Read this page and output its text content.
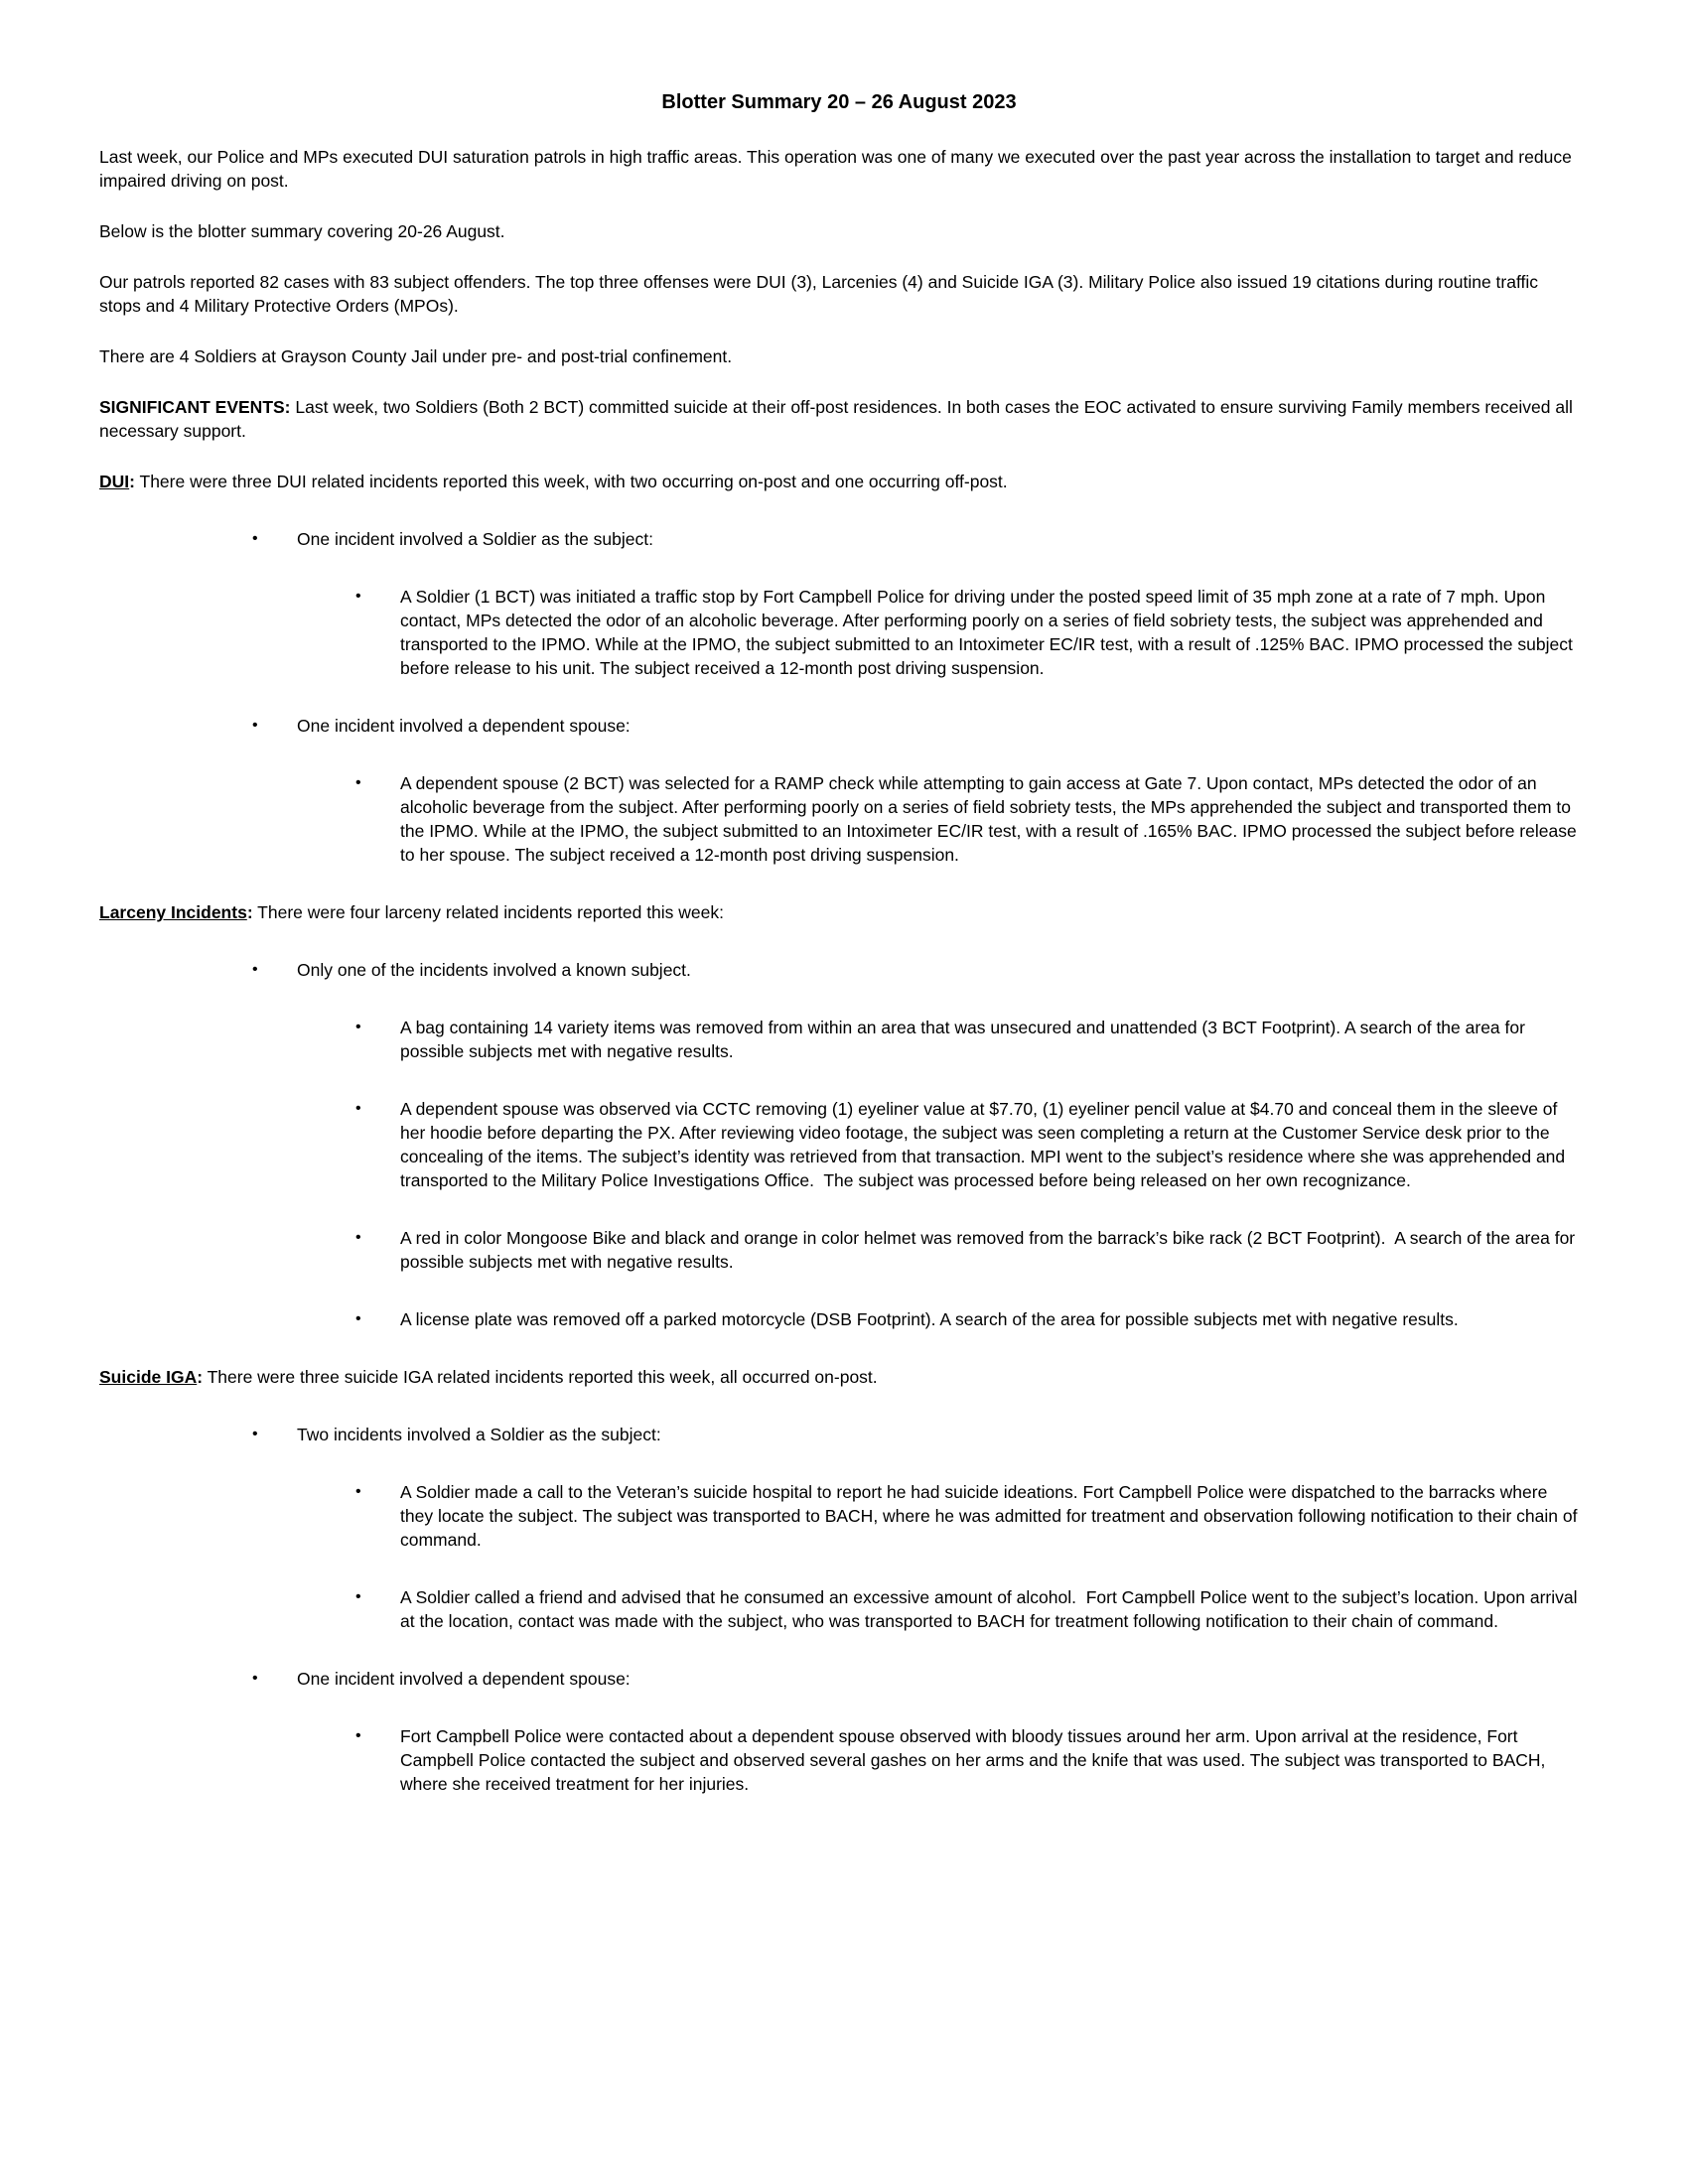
Blotter Summary 20 – 26 August 2023

Last week, our Police and MPs executed DUI saturation patrols in high traffic areas. This operation was one of many we executed over the past year across the installation to target and reduce impaired driving on post.

Below is the blotter summary covering 20-26 August.

Our patrols reported 82 cases with 83 subject offenders. The top three offenses were DUI (3), Larcenies (4) and Suicide IGA (3). Military Police also issued 19 citations during routine traffic stops and 4 Military Protective Orders (MPOs).

There are 4 Soldiers at Grayson County Jail under pre- and post-trial confinement.

SIGNIFICANT EVENTS: Last week, two Soldiers (Both 2 BCT) committed suicide at their off-post residences. In both cases the EOC activated to ensure surviving Family members received all necessary support.

DUI: There were three DUI related incidents reported this week, with two occurring on-post and one occurring off-post.

•	One incident involved a Soldier as the subject:
•	A Soldier (1 BCT) was initiated a traffic stop by Fort Campbell Police for driving under the posted speed limit of 35 mph zone at a rate of 7 mph. Upon contact, MPs detected the odor of an alcoholic beverage. After performing poorly on a series of field sobriety tests, the subject was apprehended and transported to the IPMO. While at the IPMO, the subject submitted to an Intoximeter EC/IR test, with a result of .125% BAC. IPMO processed the subject before release to his unit. The subject received a 12-month post driving suspension.
•	One incident involved a dependent spouse:
•	A dependent spouse (2 BCT) was selected for a RAMP check while attempting to gain access at Gate 7. Upon contact, MPs detected the odor of an alcoholic beverage from the subject. After performing poorly on a series of field sobriety tests, the MPs apprehended the subject and transported them to the IPMO. While at the IPMO, the subject submitted to an Intoximeter EC/IR test, with a result of .165% BAC. IPMO processed the subject before release to her spouse. The subject received a 12-month post driving suspension.

Larceny Incidents: There were four larceny related incidents reported this week:

•	Only one of the incidents involved a known subject.
•	A bag containing 14 variety items was removed from within an area that was unsecured and unattended (3 BCT Footprint). A search of the area for possible subjects met with negative results.
•	A dependent spouse was observed via CCTC removing (1) eyeliner value at $7.70, (1) eyeliner pencil value at $4.70 and conceal them in the sleeve of her hoodie before departing the PX. After reviewing video footage, the subject was seen completing a return at the Customer Service desk prior to the concealing of the items. The subject’s identity was retrieved from that transaction. MPI went to the subject’s residence where she was apprehended and transported to the Military Police Investigations Office.  The subject was processed before being released on her own recognizance.
•	A red in color Mongoose Bike and black and orange in color helmet was removed from the barrack’s bike rack (2 BCT Footprint).  A search of the area for possible subjects met with negative results.
•	A license plate was removed off a parked motorcycle (DSB Footprint). A search of the area for possible subjects met with negative results.

Suicide IGA: There were three suicide IGA related incidents reported this week, all occurred on-post.

•	Two incidents involved a Soldier as the subject:
•	A Soldier made a call to the Veteran’s suicide hospital to report he had suicide ideations. Fort Campbell Police were dispatched to the barracks where they locate the subject. The subject was transported to BACH, where he was admitted for treatment and observation following notification to their chain of command.
•	A Soldier called a friend and advised that he consumed an excessive amount of alcohol.  Fort Campbell Police went to the subject’s location. Upon arrival at the location, contact was made with the subject, who was transported to BACH for treatment following notification to their chain of command.
•	One incident involved a dependent spouse:
•	Fort Campbell Police were contacted about a dependent spouse observed with bloody tissues around her arm. Upon arrival at the residence, Fort Campbell Police contacted the subject and observed several gashes on her arms and the knife that was used. The subject was transported to BACH, where she received treatment for her injuries.
